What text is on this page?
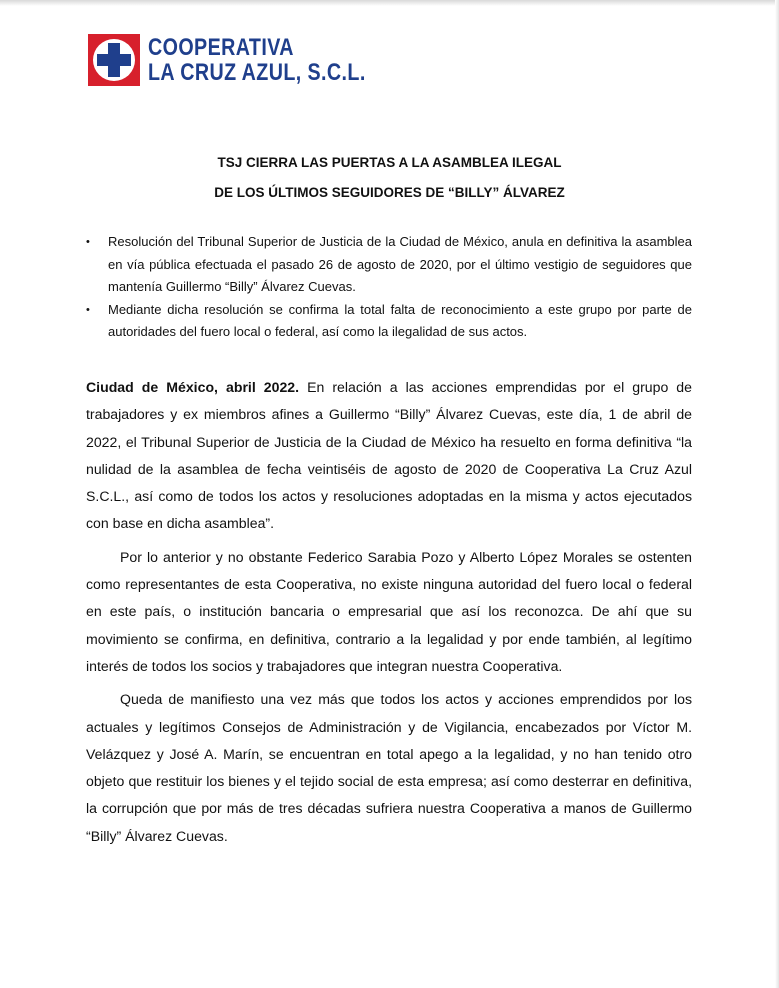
COOPERATIVA
LA CRUZ AZUL, S.C.L.
TSJ CIERRA LAS PUERTAS A LA ASAMBLEA ILEGAL
DE LOS ÚLTIMOS SEGUIDORES DE “BILLY” ÁLVAREZ
•	Resolución del Tribunal Superior de Justicia de la Ciudad de México, anula en definitiva la asamblea en vía pública efectuada el pasado 26 de agosto de 2020, por el último vestigio de seguidores que mantenía Guillermo “Billy” Álvarez Cuevas.
•	Mediante dicha resolución se confirma la total falta de reconocimiento a este grupo por parte de autoridades del fuero local o federal, así como la ilegalidad de sus actos.

Ciudad de México, abril 2022. En relación a las acciones emprendidas por el grupo de trabajadores y ex miembros afines a Guillermo “Billy” Álvarez Cuevas, este día, 1 de abril de 2022, el Tribunal Superior de Justicia de la Ciudad de México ha resuelto en forma definitiva “la nulidad de la asamblea de fecha veintiséis de agosto de 2020 de Cooperativa La Cruz Azul S.C.L., así como de todos los actos y resoluciones adoptadas en la misma y actos ejecutados con base en dicha asamblea”.

Por lo anterior y no obstante Federico Sarabia Pozo y Alberto López Morales se ostenten como representantes de esta Cooperativa, no existe ninguna autoridad del fuero local o federal en este país, o institución bancaria o empresarial que así los reconozca. De ahí que su movimiento se confirma, en definitiva, contrario a la legalidad y por ende también, al legítimo interés de todos los socios y trabajadores que integran nuestra Cooperativa.

Queda de manifiesto una vez más que todos los actos y acciones emprendidos por los actuales y legítimos Consejos de Administración y de Vigilancia, encabezados por Víctor M. Velázquez y José A. Marín, se encuentran en total apego a la legalidad, y no han tenido otro objeto que restituir los bienes y el tejido social de esta empresa; así como desterrar en definitiva, la corrupción que por más de tres décadas sufriera nuestra Cooperativa a manos de Guillermo “Billy” Álvarez Cuevas.
